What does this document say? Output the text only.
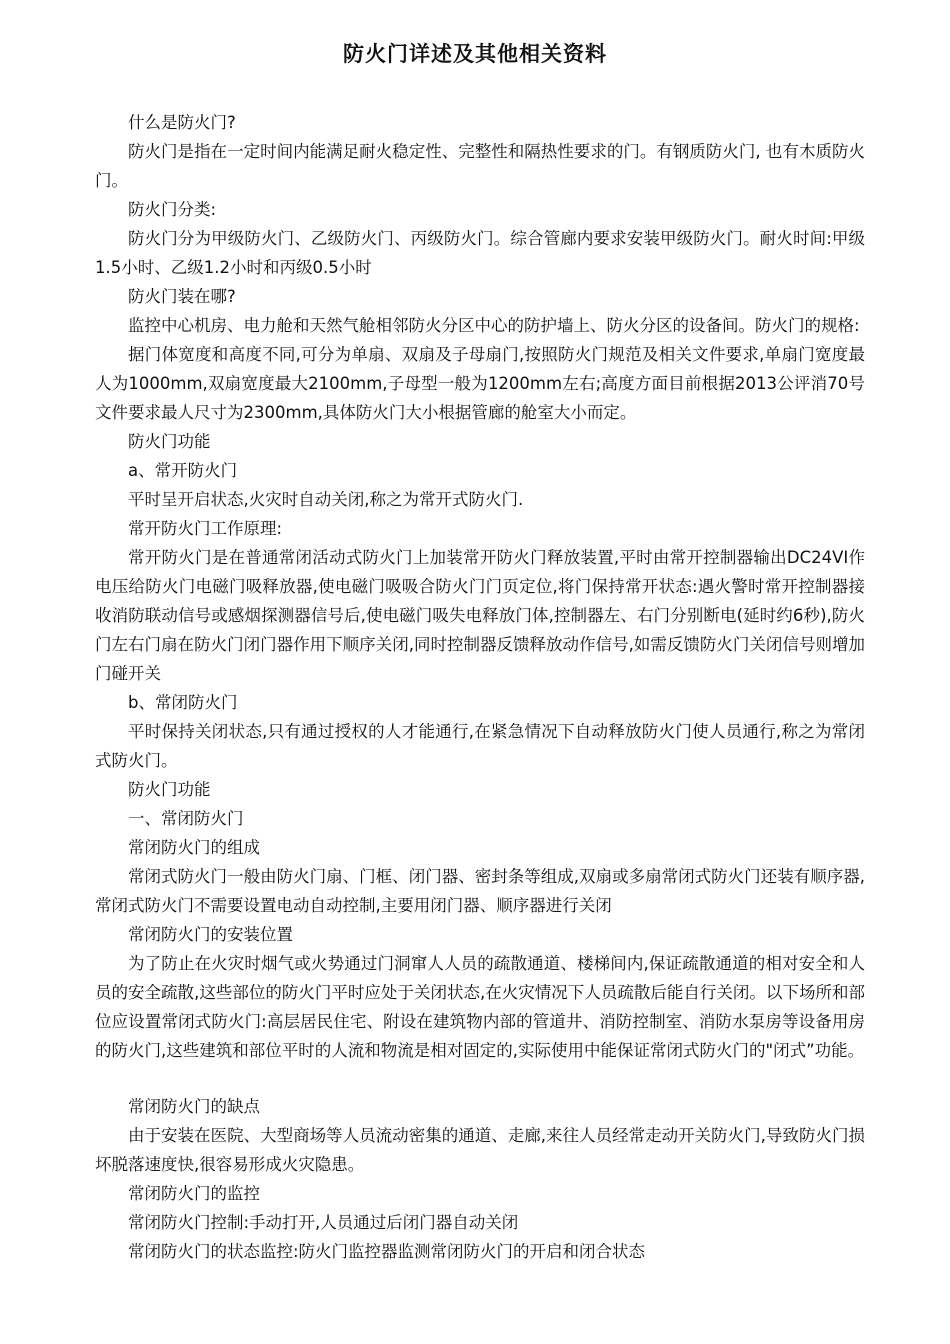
防火门详述及其他相关资料

什么是防火门?

防火门是指在一定时间内能满足耐火稳定性、完整性和隔热性要求的门。有钢质防火门, 也有木质防火门。

防火门分类:

防火门分为甲级防火门、乙级防火门、丙级防火门。综合管廊内要求安装甲级防火门。耐火时间:甲级1.5小时、乙级1.2小时和丙级0.5小时

防火门装在哪?

监控中心机房、电力舱和天然气舱相邻防火分区中心的防护墙上、防火分区的设备间。防火门的规格:

据门体宽度和高度不同,可分为单扇、双扇及子母扇门,按照防火门规范及相关文件要求,单扇门宽度最人为1000mm,双扇宽度最大2100mm,子母型一般为1200mm左右;高度方面目前根据2013公评消70号文件要求最人尺寸为2300mm,具体防火门大小根据管廊的舱室大小而定。

防火门功能

a、常开防火门

平时呈开启状态,火灾时自动关闭,称之为常开式防火门.

常开防火门工作原理:

常开防火门是在普通常闭活动式防火门上加装常开防火门释放装置,平时由常开控制器输出DC24VI作电压给防火门电磁门吸释放器,使电磁门吸吸合防火门门页定位,将门保持常开状态:遇火警时常开控制器接收消防联动信号或感烟探测器信号后,使电磁门吸失电释放门体,控制器左、右门分别断电(延时约6秒),防火门左右门扇在防火门闭门器作用下顺序关闭,同时控制器反馈释放动作信号,如需反馈防火门关闭信号则增加门碰开关

b、常闭防火门

平时保持关闭状态,只有通过授权的人才能通行,在紧急情况下自动释放防火门使人员通行,称之为常闭式防火门。

防火门功能

一、常闭防火门

常闭防火门的组成

常闭式防火门一般由防火门扇、门框、闭门器、密封条等组成,双扇或多扇常闭式防火门还装有顺序器,常闭式防火门不需要设置电动自动控制,主要用闭门器、顺序器进行关闭

常闭防火门的安装位置

为了防止在火灾时烟气或火势通过门洞窜人人员的疏散通道、楼梯间内,保证疏散通道的相对安全和人员的安全疏散,这些部位的防火门平时应处于关闭状态,在火灾情况下人员疏散后能自行关闭。以下场所和部位应设置常闭式防火门:高层居民住宅、附设在建筑物内部的管道井、消防控制室、消防水泵房等设备用房的防火门,这些建筑和部位平时的人流和物流是相对固定的,实际使用中能保证常闭式防火门的"闭式”功能。

常闭防火门的缺点

由于安装在医院、大型商场等人员流动密集的通道、走廊,来往人员经常走动开关防火门,导致防火门损坏脱落速度快,很容易形成火灾隐患。

常闭防火门的监控

常闭防火门控制:手动打开,人员通过后闭门器自动关闭

常闭防火门的状态监控:防火门监控器监测常闭防火门的开启和闭合状态
